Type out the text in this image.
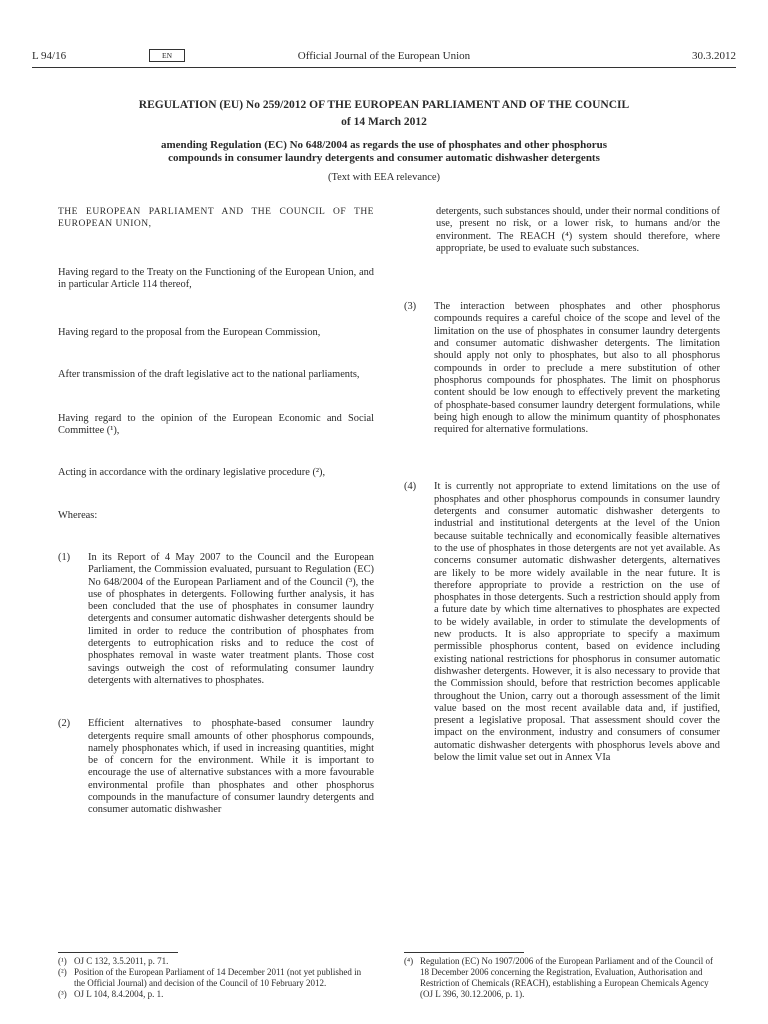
L 94/16	EN	Official Journal of the European Union	30.3.2012
REGULATION (EU) No 259/2012 OF THE EUROPEAN PARLIAMENT AND OF THE COUNCIL
of 14 March 2012
amending Regulation (EC) No 648/2004 as regards the use of phosphates and other phosphorus compounds in consumer laundry detergents and consumer automatic dishwasher detergents
(Text with EEA relevance)

THE EUROPEAN PARLIAMENT AND THE COUNCIL OF THE EUROPEAN UNION,

Having regard to the Treaty on the Functioning of the European Union, and in particular Article 114 thereof,

Having regard to the proposal from the European Commission,

After transmission of the draft legislative act to the national parliaments,

Having regard to the opinion of the European Economic and Social Committee (¹),

Acting in accordance with the ordinary legislative procedure (²),

Whereas:

(1)	In its Report of 4 May 2007 to the Council and the European Parliament, the Commission evaluated, pursuant to Regulation (EC) No 648/2004 of the European Parliament and of the Council (³), the use of phosphates in detergents. Following further analysis, it has been concluded that the use of phosphates in consumer laundry detergents and consumer automatic dishwasher detergents should be limited in order to reduce the contribution of phosphates from detergents to eutrophication risks and to reduce the cost of phosphates removal in waste water treatment plants. Those cost savings outweigh the cost of reformulating consumer laundry detergents with alternatives to phosphates.
(2)	Efficient alternatives to phosphate-based consumer laundry detergents require small amounts of other phosphorus compounds, namely phosphonates which, if used in increasing quantities, might be of concern for the environment. While it is important to encourage the use of alternative substances with a more favourable environmental profile than phosphates and other phosphorus compounds in the manufacture of consumer laundry detergents and consumer automatic dishwasher

detergents, such substances should, under their normal conditions of use, present no risk, or a lower risk, to humans and/or the environment. The REACH (⁴) system should therefore, where appropriate, be used to evaluate such substances.

(3)	The interaction between phosphates and other phosphorus compounds requires a careful choice of the scope and level of the limitation on the use of phosphates in consumer laundry detergents and consumer automatic dishwasher detergents. The limitation should apply not only to phosphates, but also to all phosphorus compounds in order to preclude a mere substitution of other phosphorus compounds for phosphates. The limit on phosphorus content should be low enough to effectively prevent the marketing of phosphate-based consumer laundry detergent formulations, while being high enough to allow the minimum quantity of phosphonates required for alternative formulations.
(4)	It is currently not appropriate to extend limitations on the use of phosphates and other phosphorus compounds in consumer laundry detergents and consumer automatic dishwasher detergents to industrial and institutional detergents at the level of the Union because suitable technically and economically feasible alternatives to the use of phosphates in those detergents are not yet available. As concerns consumer automatic dishwasher detergents, alternatives are likely to be more widely available in the near future. It is therefore appropriate to provide a restriction on the use of phosphates in those detergents. Such a restriction should apply from a future date by which time alternatives to phosphates are expected to be widely available, in order to stimulate the developments of new products. It is also appropriate to specify a maximum permissible phosphorus content, based on evidence including existing national restrictions for phosphorus in consumer automatic dishwasher detergents. However, it is also necessary to provide that the Commission should, before that restriction becomes applicable throughout the Union, carry out a thorough assessment of the limit value based on the most recent available data and, if justified, present a legislative proposal. That assessment should cover the impact on the environment, industry and consumers of consumer automatic dishwasher detergents with phosphorus levels above and below the limit value set out in Annex VIa
(¹) OJ C 132, 3.5.2011, p. 71.
(²) Position of the European Parliament of 14 December 2011 (not yet published in the Official Journal) and decision of the Council of 10 February 2012.
(³) OJ L 104, 8.4.2004, p. 1.
(⁴) Regulation (EC) No 1907/2006 of the European Parliament and of the Council of 18 December 2006 concerning the Registration, Evaluation, Authorisation and Restriction of Chemicals (REACH), establishing a European Chemicals Agency (OJ L 396, 30.12.2006, p. 1).
